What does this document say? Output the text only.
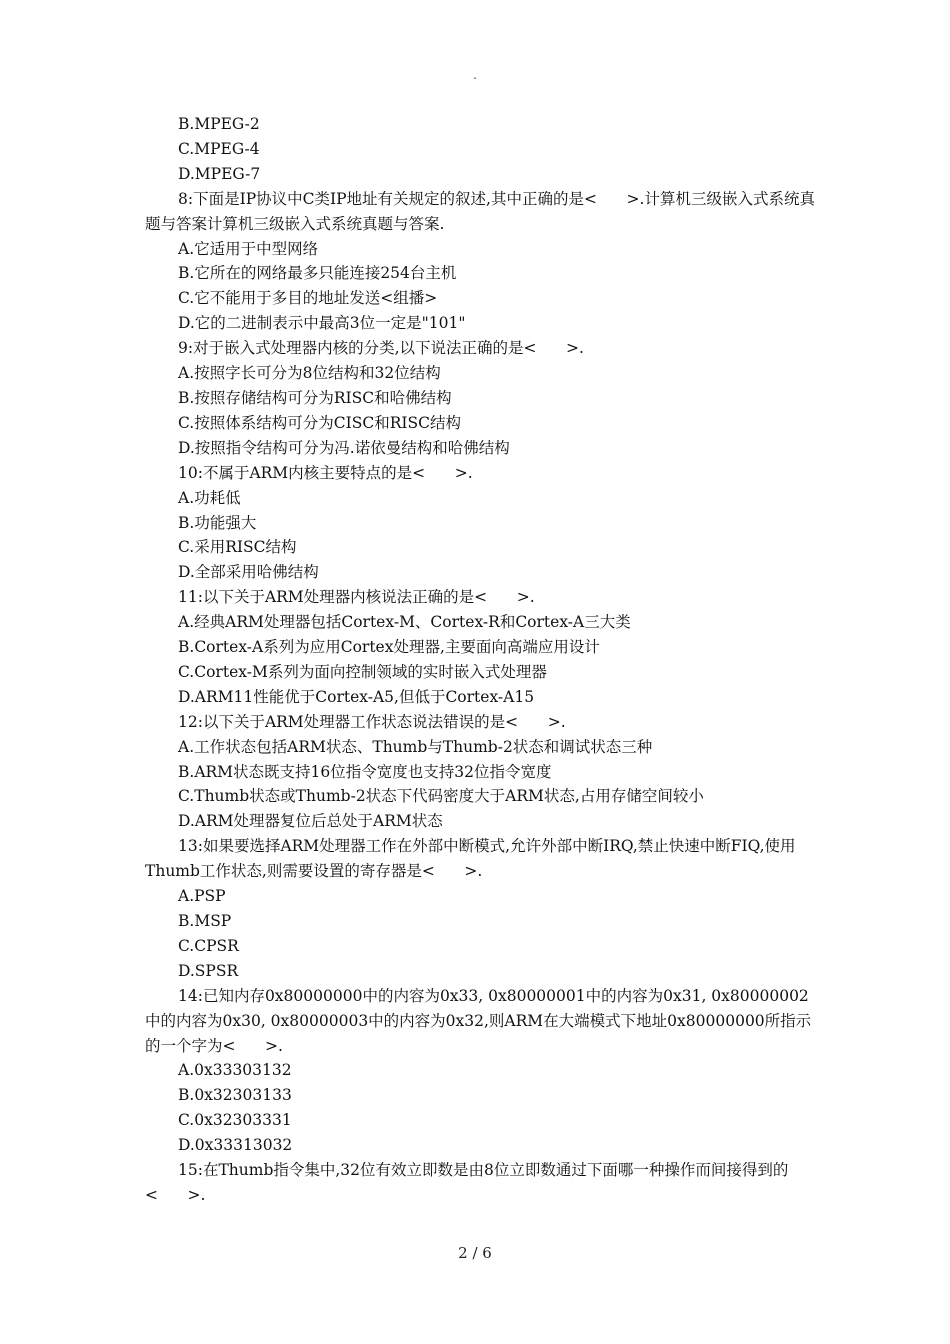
.
B.MPEG-2
C.MPEG-4
D.MPEG-7
8:下面是IP协议中C类IP地址有关规定的叙述,其中正确的是<      >.计算机三级嵌入式系统真题与答案计算机三级嵌入式系统真题与答案.
A.它适用于中型网络
B.它所在的网络最多只能连接254台主机
C.它不能用于多目的地址发送<组播>
D.它的二进制表示中最高3位一定是"101"
9:对于嵌入式处理器内核的分类,以下说法正确的是<      >.
A.按照字长可分为8位结构和32位结构
B.按照存储结构可分为RISC和哈佛结构
C.按照体系结构可分为CISC和RISC结构
D.按照指令结构可分为冯.诺依曼结构和哈佛结构
10:不属于ARM内核主要特点的是<      >.
A.功耗低
B.功能强大
C.采用RISC结构
D.全部采用哈佛结构
11:以下关于ARM处理器内核说法正确的是<      >.
A.经典ARM处理器包括Cortex-M、Cortex-R和Cortex-A三大类
B.Cortex-A系列为应用Cortex处理器,主要面向高端应用设计
C.Cortex-M系列为面向控制领域的实时嵌入式处理器
D.ARM11性能优于Cortex-A5,但低于Cortex-A15
12:以下关于ARM处理器工作状态说法错误的是<      >.
A.工作状态包括ARM状态、Thumb与Thumb-2状态和调试状态三种
B.ARM状态既支持16位指令宽度也支持32位指令宽度
C.Thumb状态或Thumb-2状态下代码密度大于ARM状态,占用存储空间较小
D.ARM处理器复位后总处于ARM状态
13:如果要选择ARM处理器工作在外部中断模式,允许外部中断IRQ,禁止快速中断FIQ,使用Thumb工作状态,则需要设置的寄存器是<      >.
A.PSP
B.MSP
C.CPSR
D.SPSR
14:已知内存0x80000000中的内容为0x33, 0x80000001中的内容为0x31, 0x80000002中的内容为0x30, 0x80000003中的内容为0x32,则ARM在大端模式下地址0x80000000所指示的一个字为<      >.
A.0x33303132
B.0x32303133
C.0x32303331
D.0x33313032
15:在Thumb指令集中,32位有效立即数是由8位立即数通过下面哪一种操作而间接得到的<      >.
2 / 6
